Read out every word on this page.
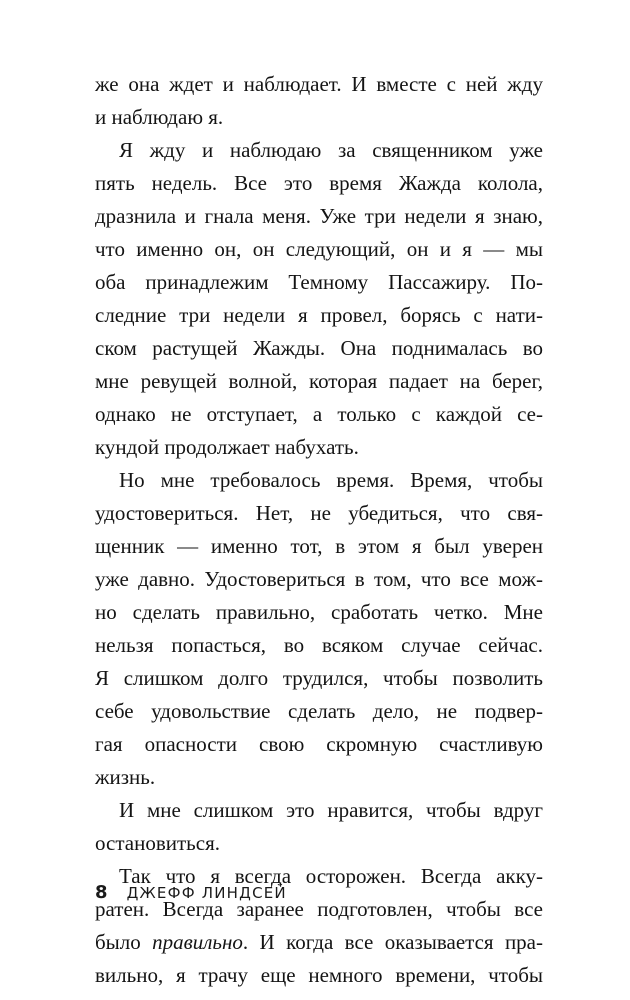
же она ждет и наблюдает. И вместе с ней жду
и наблюдаю я.
Я жду и наблюдаю за священником уже
пять недель. Все это время Жажда колола,
дразнила и гнала меня. Уже три недели я знаю,
что именно он, он следующий, он и я — мы
оба принадлежим Темному Пассажиру. По-
следние три недели я провел, борясь с нати-
ском растущей Жажды. Она поднималась во
мне ревущей волной, которая падает на берег,
однако не отступает, а только с каждой се-
кундой продолжает набухать.
Но мне требовалось время. Время, чтобы
удостовериться. Нет, не убедиться, что свя-
щенник — именно тот, в этом я был уверен
уже давно. Удостовериться в том, что все мож-
но сделать правильно, сработать четко. Мне
нельзя попасться, во всяком случае сейчас.
Я слишком долго трудился, чтобы позволить
себе удовольствие сделать дело, не подвер-
гая опасности свою скромную счастливую
жизнь.
И мне слишком это нравится, чтобы вдруг
остановиться.
Так что я всегда осторожен. Всегда акку-
ратен. Всегда заранее подготовлен, чтобы все
было правильно. И когда все оказывается пра-
вильно, я трачу еще немного времени, чтобы
8 ДЖЕФФ ЛИНДСЕЙ
